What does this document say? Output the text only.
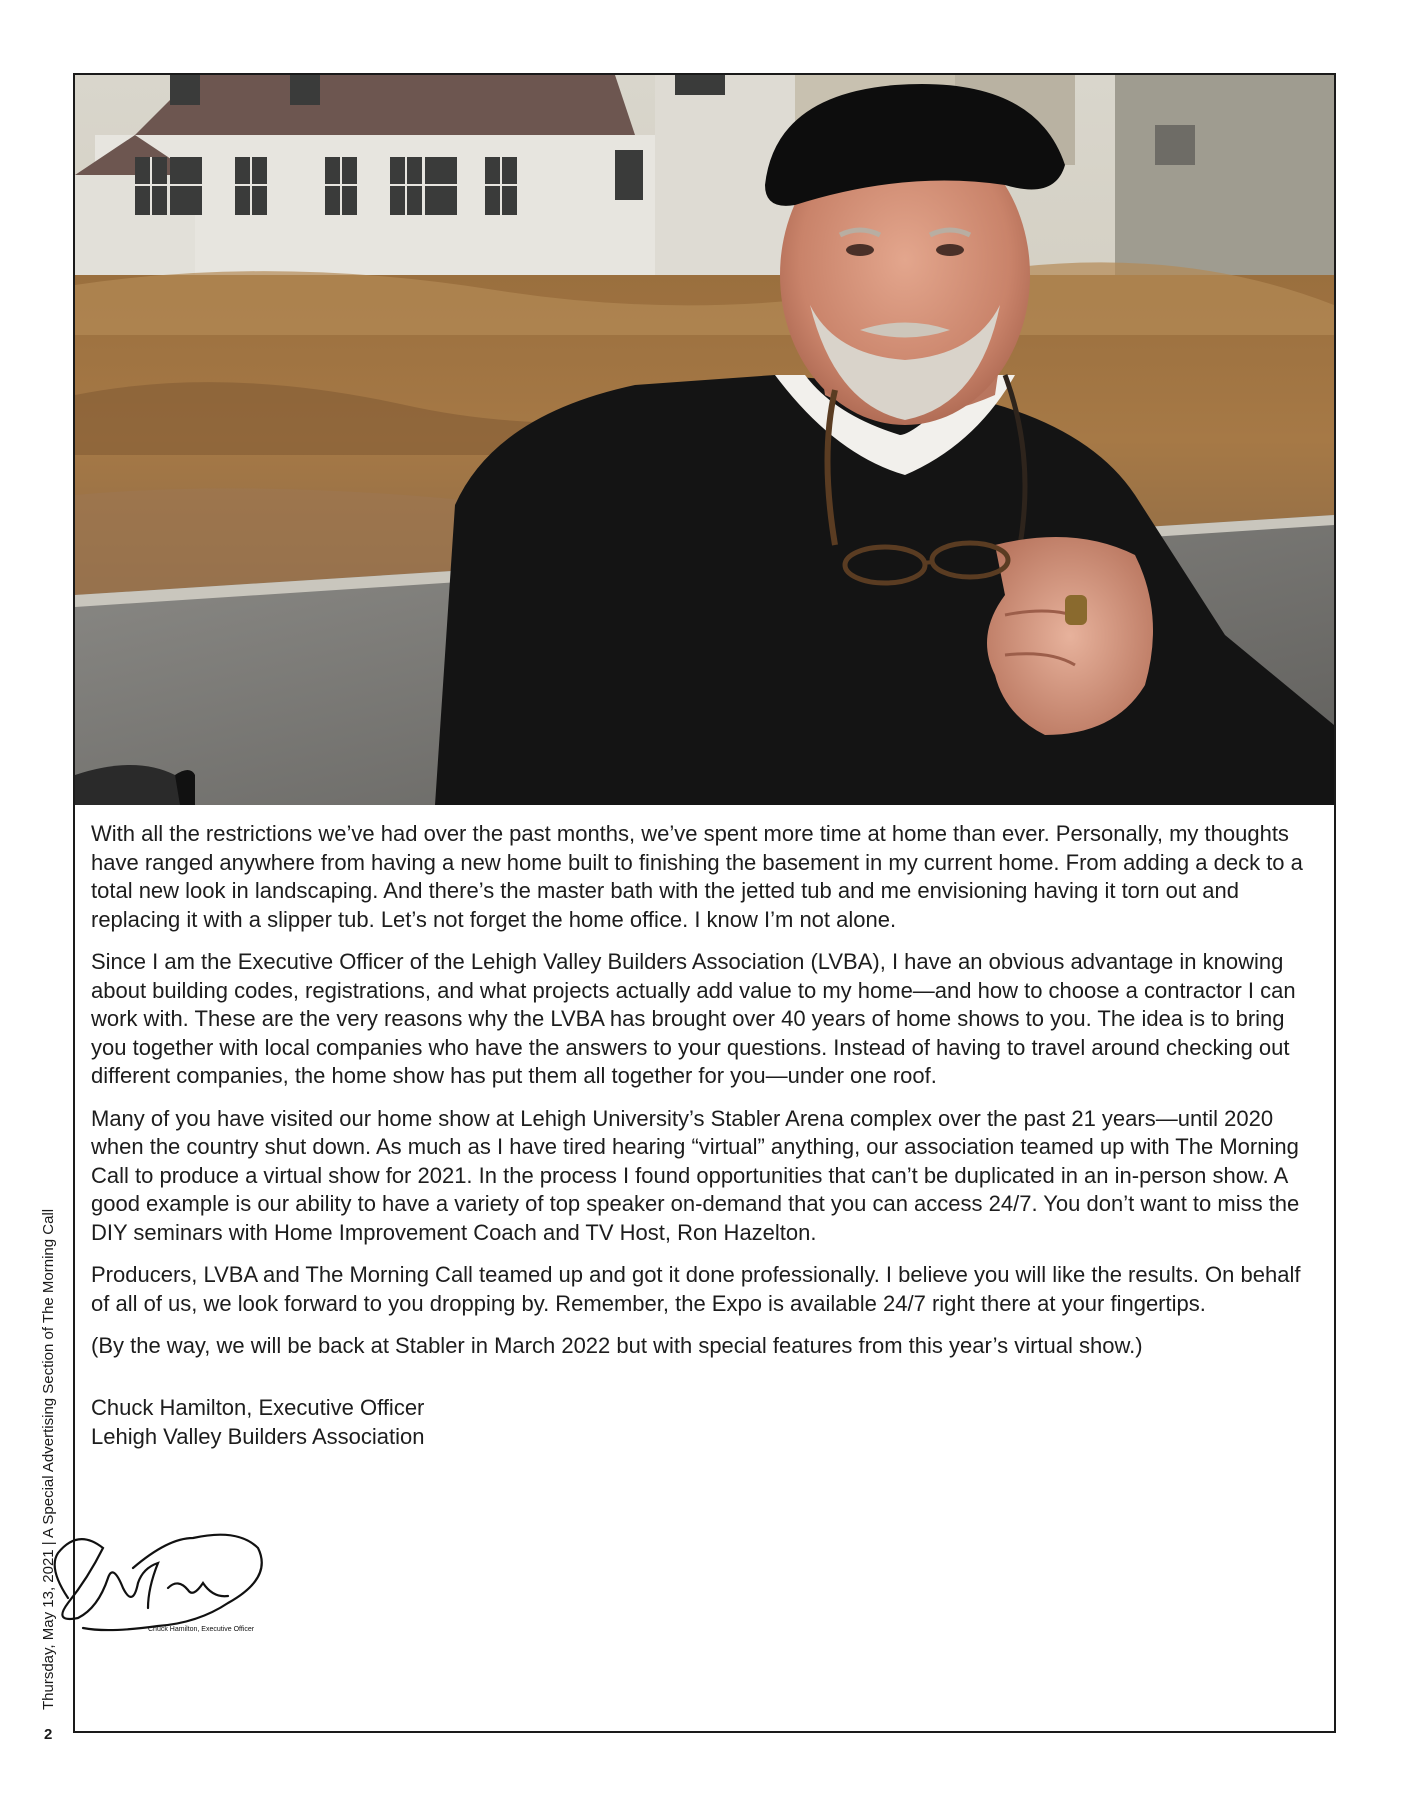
Thursday, May 13, 2021 | A Special Advertising Section of The Morning Call
2

With all the restrictions we’ve had over the past months, we’ve spent more time at home than ever. Personally, my thoughts have ranged anywhere from having a new home built to finishing the basement in my current home. From adding a deck to a total new look in landscaping. And there’s the master bath with the jetted tub and me envisioning having it torn out and replacing it with a slipper tub. Let’s not forget the home office. I know I’m not alone.

Since I am the Executive Officer of the Lehigh Valley Builders Association (LVBA), I have an obvious advantage in knowing about building codes, registrations, and what projects actually add value to my home—and how to choose a contractor I can work with. These are the very reasons why the LVBA has brought over 40 years of home shows to you. The idea is to bring you together with local companies who have the answers to your questions. Instead of having to travel around checking out different companies, the home show has put them all together for you—under one roof.

Many of you have visited our home show at Lehigh University’s Stabler Arena complex over the past 21 years—until 2020 when the country shut down. As much as I have tired hearing “virtual” anything, our association teamed up with The Morning Call to produce a virtual show for 2021. In the process I found opportunities that can’t be duplicated in an in-person show. A good example is our ability to have a variety of top speaker on-demand that you can access 24/7. You don’t want to miss the DIY seminars with Home Improvement Coach and TV Host, Ron Hazelton.

Producers, LVBA and The Morning Call teamed up and got it done professionally. I believe you will like the results. On behalf of all of us, we look forward to you dropping by. Remember, the Expo is available 24/7 right there at your fingertips.

(By the way, we will be back at Stabler in March 2022 but with special features from this year’s virtual show.)

Chuck Hamilton, Executive Officer
Lehigh Valley Builders Association
Chuck Hamilton, Executive Officer
